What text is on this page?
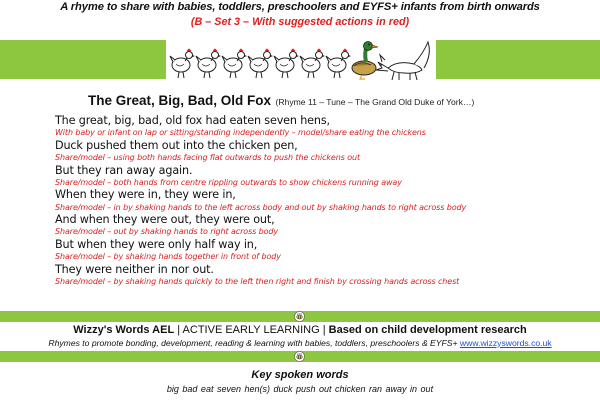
A rhyme to share with babies, toddlers, preschoolers and EYFS+ infants from birth onwards
(B – Set 3 – With suggested actions in red)
The Great, Big, Bad, Old Fox (Rhyme 11 – Tune – The Grand Old Duke of York…)
The great, big, bad, old fox had eaten seven hens,
With baby or infant on lap or sitting/standing independently – model/share eating the chickens
Duck pushed them out into the chicken pen,
Share/model – using both hands facing flat outwards to push the chickens out
But they ran away again.
Share/model – both hands from centre rippling outwards to show chickens running away
When they were in, they were in,
Share/model – in by shaking hands to the left across body and out by shaking hands to right across body
And when they were out, they were out,
Share/model – out by shaking hands to right across body
But when they were only half way in,
Share/model – by shaking hands together in front of body
They were neither in nor out.
Share/model – by shaking hands quickly to the left then right and finish by crossing hands across chest
Wizzy's Words AEL | ACTIVE EARLY LEARNING | Based on child development research
Rhymes to promote bonding, development, reading & learning with babies, toddlers, preschoolers & EYFS+ www.wizzyswords.co.uk
Key spoken words
big bad eat seven hen(s) duck push out chicken ran away in out
